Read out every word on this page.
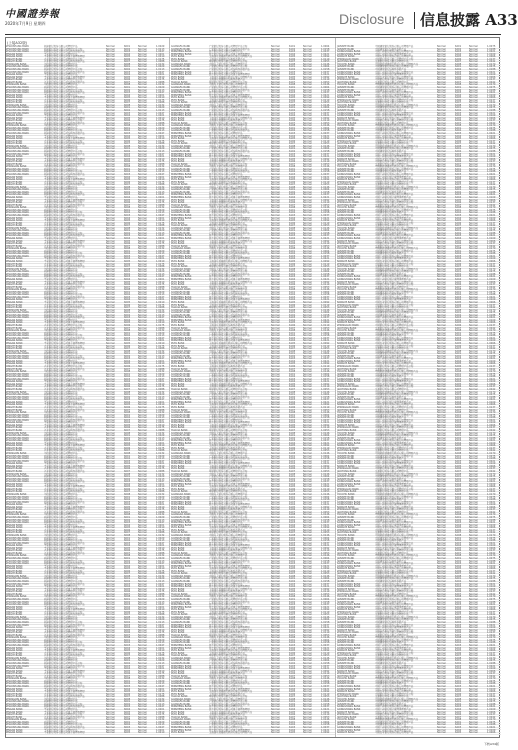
中國證券報
2020年7月9日 星期四	Disclosure 信息披露 A33
(上接A32版)
下转A34版
ZHAOSHANG BANK	招商银行股份有限公司理财产品	Normal	6001	Normal	1.0029
ZHAOSHANG BANK	招商银行股份有限公司理财产品计划	Normal	6002	Normal	1.0113
ZHAOSHANG BANK	招商银行股份有限公司结构性存款产品	Normal	6003	Normal	1.0047
PINGAN BANK	平安银行股份有限公司理财产品	Normal	6004	Normal	1.0201
PINGAN BANK	平安银行股份有限公司现金管理类理财	Normal	6005	Normal	1.0010
XINGYE BANK	兴业银行股份有限公司理财产品计划	Normal	6006	Normal	1.0175
XINGYE BANK	兴业银行股份有限公司结构性存款产品	Normal	6007	Normal	1.0088
ZHONGXIN BANK	中信银行股份有限公司理财产品	Normal	6008	Normal	1.0132
ZHAOSHANG BANK	招商银行股份有限公司理财产品	Normal	6001	Normal	1.0029
ZHAOSHANG BANK	招商银行股份有限公司理财产品计划	Normal	6002	Normal	1.0113
ZHAOSHANG BANK	招商银行股份有限公司结构性存款产品	Normal	6003	Normal	1.0047
PINGAN BANK	平安银行股份有限公司理财产品	Normal	6004	Normal	1.0201
PINGAN BANK	平安银行股份有限公司现金管理类理财	Normal	6005	Normal	1.0010
XINGYE BANK	兴业银行股份有限公司理财产品计划	Normal	6006	Normal	1.0175
XINGYE BANK	兴业银行股份有限公司结构性存款产品	Normal	6007	Normal	1.0088
ZHONGXIN BANK	中信银行股份有限公司理财产品	Normal	6008	Normal	1.0132
ZHAOSHANG BANK	招商银行股份有限公司理财产品	Normal	6001	Normal	1.0029
ZHAOSHANG BANK	招商银行股份有限公司理财产品计划	Normal	6002	Normal	1.0113
ZHAOSHANG BANK	招商银行股份有限公司结构性存款产品	Normal	6003	Normal	1.0047
PINGAN BANK	平安银行股份有限公司理财产品	Normal	6004	Normal	1.0201
PINGAN BANK	平安银行股份有限公司现金管理类理财	Normal	6005	Normal	1.0010
XINGYE BANK	兴业银行股份有限公司理财产品计划	Normal	6006	Normal	1.0175
XINGYE BANK	兴业银行股份有限公司结构性存款产品	Normal	6007	Normal	1.0088
ZHONGXIN BANK	中信银行股份有限公司理财产品	Normal	6008	Normal	1.0132
ZHAOSHANG BANK	招商银行股份有限公司理财产品	Normal	6001	Normal	1.0029
ZHAOSHANG BANK	招商银行股份有限公司理财产品计划	Normal	6002	Normal	1.0113
ZHAOSHANG BANK	招商银行股份有限公司结构性存款产品	Normal	6003	Normal	1.0047
PINGAN BANK	平安银行股份有限公司理财产品	Normal	6004	Normal	1.0201
PINGAN BANK	平安银行股份有限公司现金管理类理财	Normal	6005	Normal	1.0010
XINGYE BANK	兴业银行股份有限公司理财产品计划	Normal	6006	Normal	1.0175
XINGYE BANK	兴业银行股份有限公司结构性存款产品	Normal	6007	Normal	1.0088
ZHONGXIN BANK	中信银行股份有限公司理财产品	Normal	6008	Normal	1.0132
ZHAOSHANG BANK	招商银行股份有限公司理财产品	Normal	6001	Normal	1.0029
ZHAOSHANG BANK	招商银行股份有限公司理财产品计划	Normal	6002	Normal	1.0113
ZHAOSHANG BANK	招商银行股份有限公司结构性存款产品	Normal	6003	Normal	1.0047
PINGAN BANK	平安银行股份有限公司理财产品	Normal	6004	Normal	1.0201
PINGAN BANK	平安银行股份有限公司现金管理类理财	Normal	6005	Normal	1.0010
XINGYE BANK	兴业银行股份有限公司理财产品计划	Normal	6006	Normal	1.0175
XINGYE BANK	兴业银行股份有限公司结构性存款产品	Normal	6007	Normal	1.0088
ZHONGXIN BANK	中信银行股份有限公司理财产品	Normal	6008	Normal	1.0132
ZHAOSHANG BANK	招商银行股份有限公司理财产品	Normal	6001	Normal	1.0029
ZHAOSHANG BANK	招商银行股份有限公司理财产品计划	Normal	6002	Normal	1.0113
ZHAOSHANG BANK	招商银行股份有限公司结构性存款产品	Normal	6003	Normal	1.0047
PINGAN BANK	平安银行股份有限公司理财产品	Normal	6004	Normal	1.0201
PINGAN BANK	平安银行股份有限公司现金管理类理财	Normal	6005	Normal	1.0010
XINGYE BANK	兴业银行股份有限公司理财产品计划	Normal	6006	Normal	1.0175
XINGYE BANK	兴业银行股份有限公司结构性存款产品	Normal	6007	Normal	1.0088
ZHONGXIN BANK	中信银行股份有限公司理财产品	Normal	6008	Normal	1.0132
ZHAOSHANG BANK	招商银行股份有限公司理财产品	Normal	6001	Normal	1.0029
ZHAOSHANG BANK	招商银行股份有限公司理财产品计划	Normal	6002	Normal	1.0113
ZHAOSHANG BANK	招商银行股份有限公司结构性存款产品	Normal	6003	Normal	1.0047
PINGAN BANK	平安银行股份有限公司理财产品	Normal	6004	Normal	1.0201
PINGAN BANK	平安银行股份有限公司现金管理类理财	Normal	6005	Normal	1.0010
XINGYE BANK	兴业银行股份有限公司理财产品计划	Normal	6006	Normal	1.0175
XINGYE BANK	兴业银行股份有限公司结构性存款产品	Normal	6007	Normal	1.0088
ZHONGXIN BANK	中信银行股份有限公司理财产品	Normal	6008	Normal	1.0132
ZHAOSHANG BANK	招商银行股份有限公司理财产品	Normal	6001	Normal	1.0029
ZHAOSHANG BANK	招商银行股份有限公司理财产品计划	Normal	6002	Normal	1.0113
ZHAOSHANG BANK	招商银行股份有限公司结构性存款产品	Normal	6003	Normal	1.0047
PINGAN BANK	平安银行股份有限公司理财产品	Normal	6004	Normal	1.0201
PINGAN BANK	平安银行股份有限公司现金管理类理财	Normal	6005	Normal	1.0010
XINGYE BANK	兴业银行股份有限公司理财产品计划	Normal	6006	Normal	1.0175
XINGYE BANK	兴业银行股份有限公司结构性存款产品	Normal	6007	Normal	1.0088
ZHONGXIN BANK	中信银行股份有限公司理财产品	Normal	6008	Normal	1.0132
ZHAOSHANG BANK	招商银行股份有限公司理财产品	Normal	6001	Normal	1.0029
ZHAOSHANG BANK	招商银行股份有限公司理财产品计划	Normal	6002	Normal	1.0113
ZHAOSHANG BANK	招商银行股份有限公司结构性存款产品	Normal	6003	Normal	1.0047
PINGAN BANK	平安银行股份有限公司理财产品	Normal	6004	Normal	1.0201
PINGAN BANK	平安银行股份有限公司现金管理类理财	Normal	6005	Normal	1.0010
XINGYE BANK	兴业银行股份有限公司理财产品计划	Normal	6006	Normal	1.0175
XINGYE BANK	兴业银行股份有限公司结构性存款产品	Normal	6007	Normal	1.0088
ZHONGXIN BANK	中信银行股份有限公司理财产品	Normal	6008	Normal	1.0132
ZHAOSHANG BANK	招商银行股份有限公司理财产品	Normal	6001	Normal	1.0029
ZHAOSHANG BANK	招商银行股份有限公司理财产品计划	Normal	6002	Normal	1.0113
ZHAOSHANG BANK	招商银行股份有限公司结构性存款产品	Normal	6003	Normal	1.0047
PINGAN BANK	平安银行股份有限公司理财产品	Normal	6004	Normal	1.0201
PINGAN BANK	平安银行股份有限公司现金管理类理财	Normal	6005	Normal	1.0010
XINGYE BANK	兴业银行股份有限公司理财产品计划	Normal	6006	Normal	1.0175
XINGYE BANK	兴业银行股份有限公司结构性存款产品	Normal	6007	Normal	1.0088
ZHONGXIN BANK	中信银行股份有限公司理财产品	Normal	6008	Normal	1.0132
ZHAOSHANG BANK	招商银行股份有限公司理财产品	Normal	6001	Normal	1.0029
ZHAOSHANG BANK	招商银行股份有限公司理财产品计划	Normal	6002	Normal	1.0113
ZHAOSHANG BANK	招商银行股份有限公司结构性存款产品	Normal	6003	Normal	1.0047
PINGAN BANK	平安银行股份有限公司理财产品	Normal	6004	Normal	1.0201
PINGAN BANK	平安银行股份有限公司现金管理类理财	Normal	6005	Normal	1.0010
XINGYE BANK	兴业银行股份有限公司理财产品计划	Normal	6006	Normal	1.0175
XINGYE BANK	兴业银行股份有限公司结构性存款产品	Normal	6007	Normal	1.0088
ZHONGXIN BANK	中信银行股份有限公司理财产品	Normal	6008	Normal	1.0132
ZHAOSHANG BANK	招商银行股份有限公司理财产品	Normal	6001	Normal	1.0029
ZHAOSHANG BANK	招商银行股份有限公司理财产品计划	Normal	6002	Normal	1.0113
ZHAOSHANG BANK	招商银行股份有限公司结构性存款产品	Normal	6003	Normal	1.0047
PINGAN BANK	平安银行股份有限公司理财产品	Normal	6004	Normal	1.0201
PINGAN BANK	平安银行股份有限公司现金管理类理财	Normal	6005	Normal	1.0010
XINGYE BANK	兴业银行股份有限公司理财产品计划	Normal	6006	Normal	1.0175
XINGYE BANK	兴业银行股份有限公司结构性存款产品	Normal	6007	Normal	1.0088
ZHONGXIN BANK	中信银行股份有限公司理财产品	Normal	6008	Normal	1.0132
ZHAOSHANG BANK	招商银行股份有限公司理财产品	Normal	6001	Normal	1.0029
ZHAOSHANG BANK	招商银行股份有限公司理财产品计划	Normal	6002	Normal	1.0113
ZHAOSHANG BANK	招商银行股份有限公司结构性存款产品	Normal	6003	Normal	1.0047
PINGAN BANK	平安银行股份有限公司理财产品	Normal	6004	Normal	1.0201
PINGAN BANK	平安银行股份有限公司现金管理类理财	Normal	6005	Normal	1.0010
XINGYE BANK	兴业银行股份有限公司理财产品计划	Normal	6006	Normal	1.0175
XINGYE BANK	兴业银行股份有限公司结构性存款产品	Normal	6007	Normal	1.0088
ZHONGXIN BANK	中信银行股份有限公司理财产品	Normal	6008	Normal	1.0132
ZHAOSHANG BANK	招商银行股份有限公司理财产品	Normal	6001	Normal	1.0029
ZHAOSHANG BANK	招商银行股份有限公司理财产品计划	Normal	6002	Normal	1.0113
ZHAOSHANG BANK	招商银行股份有限公司结构性存款产品	Normal	6003	Normal	1.0047
PINGAN BANK	平安银行股份有限公司理财产品	Normal	6004	Normal	1.0201
PINGAN BANK	平安银行股份有限公司现金管理类理财	Normal	6005	Normal	1.0010
XINGYE BANK	兴业银行股份有限公司理财产品计划	Normal	6006	Normal	1.0175
XINGYE BANK	兴业银行股份有限公司结构性存款产品	Normal	6007	Normal	1.0088
ZHONGXIN BANK	中信银行股份有限公司理财产品	Normal	6008	Normal	1.0132
ZHAOSHANG BANK	招商银行股份有限公司理财产品	Normal	6001	Normal	1.0029
ZHAOSHANG BANK	招商银行股份有限公司理财产品计划	Normal	6002	Normal	1.0113
ZHAOSHANG BANK	招商银行股份有限公司结构性存款产品	Normal	6003	Normal	1.0047
PINGAN BANK	平安银行股份有限公司理财产品	Normal	6004	Normal	1.0201
PINGAN BANK	平安银行股份有限公司现金管理类理财	Normal	6005	Normal	1.0010
XINGYE BANK	兴业银行股份有限公司理财产品计划	Normal	6006	Normal	1.0175
XINGYE BANK	兴业银行股份有限公司结构性存款产品	Normal	6007	Normal	1.0088
ZHONGXIN BANK	中信银行股份有限公司理财产品	Normal	6008	Normal	1.0132
ZHAOSHANG BANK	招商银行股份有限公司理财产品	Normal	6001	Normal	1.0029
ZHAOSHANG BANK	招商银行股份有限公司理财产品计划	Normal	6002	Normal	1.0113
ZHAOSHANG BANK	招商银行股份有限公司结构性存款产品	Normal	6003	Normal	1.0047
PINGAN BANK	平安银行股份有限公司理财产品	Normal	6004	Normal	1.0201
PINGAN BANK	平安银行股份有限公司现金管理类理财	Normal	6005	Normal	1.0010
XINGYE BANK	兴业银行股份有限公司理财产品计划	Normal	6006	Normal	1.0175
XINGYE BANK	兴业银行股份有限公司结构性存款产品	Normal	6007	Normal	1.0088
ZHONGXIN BANK	中信银行股份有限公司理财产品	Normal	6008	Normal	1.0132
ZHAOSHANG BANK	招商银行股份有限公司理财产品	Normal	6001	Normal	1.0029
ZHAOSHANG BANK	招商银行股份有限公司理财产品计划	Normal	6002	Normal	1.0113
ZHAOSHANG BANK	招商银行股份有限公司结构性存款产品	Normal	6003	Normal	1.0047
PINGAN BANK	平安银行股份有限公司理财产品	Normal	6004	Normal	1.0201
PINGAN BANK	平安银行股份有限公司现金管理类理财	Normal	6005	Normal	1.0010
XINGYE BANK	兴业银行股份有限公司理财产品计划	Normal	6006	Normal	1.0175
XINGYE BANK	兴业银行股份有限公司结构性存款产品	Normal	6007	Normal	1.0088
ZHONGXIN BANK	中信银行股份有限公司理财产品	Normal	6008	Normal	1.0132
ZHAOSHANG BANK	招商银行股份有限公司理财产品	Normal	6001	Normal	1.0029
ZHAOSHANG BANK	招商银行股份有限公司理财产品计划	Normal	6002	Normal	1.0113
ZHAOSHANG BANK	招商银行股份有限公司结构性存款产品	Normal	6003	Normal	1.0047
PINGAN BANK	平安银行股份有限公司理财产品	Normal	6004	Normal	1.0201
PINGAN BANK	平安银行股份有限公司现金管理类理财	Normal	6005	Normal	1.0010
XINGYE BANK	兴业银行股份有限公司理财产品计划	Normal	6006	Normal	1.0175
XINGYE BANK	兴业银行股份有限公司结构性存款产品	Normal	6007	Normal	1.0088
ZHONGXIN BANK	中信银行股份有限公司理财产品	Normal	6008	Normal	1.0132
ZHAOSHANG BANK	招商银行股份有限公司理财产品	Normal	6001	Normal	1.0029
ZHAOSHANG BANK	招商银行股份有限公司理财产品计划	Normal	6002	Normal	1.0113
ZHAOSHANG BANK	招商银行股份有限公司结构性存款产品	Normal	6003	Normal	1.0047
PINGAN BANK	平安银行股份有限公司理财产品	Normal	6004	Normal	1.0201
PINGAN BANK	平安银行股份有限公司现金管理类理财	Normal	6005	Normal	1.0010
XINGYE BANK	兴业银行股份有限公司理财产品计划	Normal	6006	Normal	1.0175
XINGYE BANK	兴业银行股份有限公司结构性存款产品	Normal	6007	Normal	1.0088
ZHONGXIN BANK	中信银行股份有限公司理财产品	Normal	6008	Normal	1.0132
ZHAOSHANG BANK	招商银行股份有限公司理财产品	Normal	6001	Normal	1.0029
ZHAOSHANG BANK	招商银行股份有限公司理财产品计划	Normal	6002	Normal	1.0113
ZHAOSHANG BANK	招商银行股份有限公司结构性存款产品	Normal	6003	Normal	1.0047
PINGAN BANK	平安银行股份有限公司理财产品	Normal	6004	Normal	1.0201
PINGAN BANK	平安银行股份有限公司现金管理类理财	Normal	6005	Normal	1.0010
XINGYE BANK	兴业银行股份有限公司理财产品计划	Normal	6006	Normal	1.0175
XINGYE BANK	兴业银行股份有限公司结构性存款产品	Normal	6007	Normal	1.0088
ZHONGXIN BANK	中信银行股份有限公司理财产品	Normal	6008	Normal	1.0132
ZHAOSHANG BANK	招商银行股份有限公司理财产品	Normal	6001	Normal	1.0029
ZHAOSHANG BANK	招商银行股份有限公司理财产品计划	Normal	6002	Normal	1.0113
ZHAOSHANG BANK	招商银行股份有限公司结构性存款产品	Normal	6003	Normal	1.0047
PINGAN BANK	平安银行股份有限公司理财产品	Normal	6004	Normal	1.0201
PINGAN BANK	平安银行股份有限公司现金管理类理财	Normal	6005	Normal	1.0010
XINGYE BANK	兴业银行股份有限公司理财产品计划	Normal	6006	Normal	1.0175
XINGYE BANK	兴业银行股份有限公司结构性存款产品	Normal	6007	Normal	1.0088
ZHONGXIN BANK	中信银行股份有限公司理财产品	Normal	6008	Normal	1.0132
ZHAOSHANG BANK	招商银行股份有限公司理财产品	Normal	6001	Normal	1.0029
ZHAOSHANG BANK	招商银行股份有限公司理财产品计划	Normal	6002	Normal	1.0113
ZHAOSHANG BANK	招商银行股份有限公司结构性存款产品	Normal	6003	Normal	1.0047
PINGAN BANK	平安银行股份有限公司理财产品	Normal	6004	Normal	1.0201
PINGAN BANK	平安银行股份有限公司现金管理类理财	Normal	6005	Normal	1.0010
XINGYE BANK	兴业银行股份有限公司理财产品计划	Normal	6006	Normal	1.0175
XINGYE BANK	兴业银行股份有限公司结构性存款产品	Normal	6007	Normal	1.0088
ZHONGXIN BANK	中信银行股份有限公司理财产品	Normal	6008	Normal	1.0132
ZHAOSHANG BANK	招商银行股份有限公司理财产品	Normal	6001	Normal	1.0029
ZHAOSHANG BANK	招商银行股份有限公司理财产品计划	Normal	6002	Normal	1.0113
ZHAOSHANG BANK	招商银行股份有限公司结构性存款产品	Normal	6003	Normal	1.0047
PINGAN BANK	平安银行股份有限公司理财产品	Normal	6004	Normal	1.0201
PINGAN BANK	平安银行股份有限公司现金管理类理财	Normal	6005	Normal	1.0010
XINGYE BANK	兴业银行股份有限公司理财产品计划	Normal	6006	Normal	1.0175
XINGYE BANK	兴业银行股份有限公司结构性存款产品	Normal	6007	Normal	1.0088
ZHONGXIN BANK	中信银行股份有限公司理财产品	Normal	6008	Normal	1.0132
ZHAOSHANG BANK	招商银行股份有限公司理财产品	Normal	6001	Normal	1.0029
ZHAOSHANG BANK	招商银行股份有限公司理财产品计划	Normal	6002	Normal	1.0113
ZHAOSHANG BANK	招商银行股份有限公司结构性存款产品	Normal	6003	Normal	1.0047
PINGAN BANK	平安银行股份有限公司理财产品	Normal	6004	Normal	1.0201
PINGAN BANK	平安银行股份有限公司现金管理类理财	Normal	6005	Normal	1.0010
XINGYE BANK	兴业银行股份有限公司理财产品计划	Normal	6006	Normal	1.0175
XINGYE BANK	兴业银行股份有限公司结构性存款产品	Normal	6007	Normal	1.0088
ZHONGXIN BANK	中信银行股份有限公司理财产品	Normal	6008	Normal	1.0132
ZHAOSHANG BANK	招商银行股份有限公司理财产品	Normal	6001	Normal	1.0029
ZHAOSHANG BANK	招商银行股份有限公司理财产品计划	Normal	6002	Normal	1.0113
ZHAOSHANG BANK	招商银行股份有限公司结构性存款产品	Normal	6003	Normal	1.0047
PINGAN BANK	平安银行股份有限公司理财产品	Normal	6004	Normal	1.0201
PINGAN BANK	平安银行股份有限公司现金管理类理财	Normal	6005	Normal	1.0010
XINGYE BANK	兴业银行股份有限公司理财产品计划	Normal	6006	Normal	1.0175
XINGYE BANK	兴业银行股份有限公司结构性存款产品	Normal	6007	Normal	1.0088
ZHONGXIN BANK	中信银行股份有限公司理财产品	Normal	6008	Normal	1.0132
ZHAOSHANG BANK	招商银行股份有限公司理财产品	Normal	6001	Normal	1.0029
ZHAOSHANG BANK	招商银行股份有限公司理财产品计划	Normal	6002	Normal	1.0113
ZHAOSHANG BANK	招商银行股份有限公司结构性存款产品	Normal	6003	Normal	1.0047
PINGAN BANK	平安银行股份有限公司理财产品	Normal	6004	Normal	1.0201
PINGAN BANK	平安银行股份有限公司现金管理类理财	Normal	6005	Normal	1.0010
XINGYE BANK	兴业银行股份有限公司理财产品计划	Normal	6006	Normal	1.0175
XINGYE BANK	兴业银行股份有限公司结构性存款产品	Normal	6007	Normal	1.0088
ZHONGXIN BANK	中信银行股份有限公司理财产品	Normal	6008	Normal	1.0132
ZHAOSHANG BANK	招商银行股份有限公司理财产品	Normal	6001	Normal	1.0029
ZHAOSHANG BANK	招商银行股份有限公司理财产品计划	Normal	6002	Normal	1.0113
ZHAOSHANG BANK	招商银行股份有限公司结构性存款产品	Normal	6003	Normal	1.0047
PINGAN BANK	平安银行股份有限公司理财产品	Normal	6004	Normal	1.0201
PINGAN BANK	平安银行股份有限公司现金管理类理财	Normal	6005	Normal	1.0010
XINGYE BANK	兴业银行股份有限公司理财产品计划	Normal	6006	Normal	1.0175
XINGYE BANK	兴业银行股份有限公司结构性存款产品	Normal	6007	Normal	1.0088
ZHONGXIN BANK	中信银行股份有限公司理财产品	Normal	6008	Normal	1.0132
ZHAOSHANG BANK	招商银行股份有限公司理财产品	Normal	6001	Normal	1.0029
ZHAOSHANG BANK	招商银行股份有限公司理财产品计划	Normal	6002	Normal	1.0113
ZHAOSHANG BANK	招商银行股份有限公司结构性存款产品	Normal	6003	Normal	1.0047
PINGAN BANK	平安银行股份有限公司理财产品	Normal	6004	Normal	1.0201
PINGAN BANK	平安银行股份有限公司现金管理类理财	Normal	6005	Normal	1.0010
XINGYE BANK	兴业银行股份有限公司理财产品计划	Normal	6006	Normal	1.0175
XINGYE BANK	兴业银行股份有限公司结构性存款产品	Normal	6007	Normal	1.0088
ZHONGXIN BANK	中信银行股份有限公司理财产品	Normal	6008	Normal	1.0132
ZHAOSHANG BANK	招商银行股份有限公司理财产品	Normal	6001	Normal	1.0029
ZHAOSHANG BANK	招商银行股份有限公司理财产品计划	Normal	6002	Normal	1.0113
ZHAOSHANG BANK	招商银行股份有限公司结构性存款产品	Normal	6003	Normal	1.0047
PINGAN BANK	平安银行股份有限公司理财产品	Normal	6004	Normal	1.0201
PINGAN BANK	平安银行股份有限公司现金管理类理财	Normal	6005	Normal	1.0010
XINGYE BANK	兴业银行股份有限公司理财产品计划	Normal	6006	Normal	1.0175
XINGYE BANK	兴业银行股份有限公司结构性存款产品	Normal	6007	Normal	1.0088
ZHONGXIN BANK	中信银行股份有限公司理财产品	Normal	6008	Normal	1.0132
ZHAOSHANG BANK	招商银行股份有限公司理财产品	Normal	6001	Normal	1.0029
ZHAOSHANG BANK	招商银行股份有限公司理财产品计划	Normal	6002	Normal	1.0113
ZHAOSHANG BANK	招商银行股份有限公司结构性存款产品	Normal	6003	Normal	1.0047
PINGAN BANK	平安银行股份有限公司理财产品	Normal	6004	Normal	1.0201
PINGAN BANK	平安银行股份有限公司现金管理类理财	Normal	6005	Normal	1.0010
XINGYE BANK	兴业银行股份有限公司理财产品计划	Normal	6006	Normal	1.0175
XINGYE BANK	兴业银行股份有限公司结构性存款产品	Normal	6007	Normal	1.0088
ZHONGXIN BANK	中信银行股份有限公司理财产品	Normal	6008	Normal	1.0132
ZHAOSHANG BANK	招商银行股份有限公司理财产品	Normal	6001	Normal	1.0029
ZHAOSHANG BANK	招商银行股份有限公司理财产品计划	Normal	6002	Normal	1.0113
ZHAOSHANG BANK	招商银行股份有限公司结构性存款产品	Normal	6003	Normal	1.0047
PINGAN BANK	平安银行股份有限公司理财产品	Normal	6004	Normal	1.0201
PINGAN BANK	平安银行股份有限公司现金管理类理财	Normal	6005	Normal	1.0010
XINGYE BANK	兴业银行股份有限公司理财产品计划	Normal	6006	Normal	1.0175
XINGYE BANK	兴业银行股份有限公司结构性存款产品	Normal	6007	Normal	1.0088
ZHONGXIN BANK	中信银行股份有限公司理财产品	Normal	6008	Normal	1.0132
ZHAOSHANG BANK	招商银行股份有限公司理财产品	Normal	6001	Normal	1.0029
ZHAOSHANG BANK	招商银行股份有限公司理财产品计划	Normal	6002	Normal	1.0113
ZHAOSHANG BANK	招商银行股份有限公司结构性存款产品	Normal	6003	Normal	1.0047
PINGAN BANK	平安银行股份有限公司理财产品	Normal	6004	Normal	1.0201
PINGAN BANK	平安银行股份有限公司现金管理类理财	Normal	6005	Normal	1.0010
XINGYE BANK	兴业银行股份有限公司理财产品计划	Normal	6006	Normal	1.0175
XINGYE BANK	兴业银行股份有限公司结构性存款产品	Normal	6007	Normal	1.0088
ZHONGXIN BANK	中信银行股份有限公司理财产品	Normal	6008	Normal	1.0132
ZHAOSHANG BANK	招商银行股份有限公司理财产品	Normal	6001	Normal	1.0029
ZHAOSHANG BANK	招商银行股份有限公司理财产品计划	Normal	6002	Normal	1.0113
ZHAOSHANG BANK	招商银行股份有限公司结构性存款产品	Normal	6003	Normal	1.0047
PINGAN BANK	平安银行股份有限公司理财产品	Normal	6004	Normal	1.0201
PINGAN BANK	平安银行股份有限公司现金管理类理财	Normal	6005	Normal	1.0010
XINGYE BANK	兴业银行股份有限公司理财产品计划	Normal	6006	Normal	1.0175
XINGYE BANK	兴业银行股份有限公司结构性存款产品	Normal	6007	Normal	1.0088
ZHONGXIN BANK	中信银行股份有限公司理财产品	Normal	6008	Normal	1.0132
ZHAOSHANG BANK	招商银行股份有限公司理财产品	Normal	6001	Normal	1.0029
ZHAOSHANG BANK	招商银行股份有限公司理财产品计划	Normal	6002	Normal	1.0113
ZHAOSHANG BANK	招商银行股份有限公司结构性存款产品	Normal	6003	Normal	1.0047
PINGAN BANK	平安银行股份有限公司理财产品	Normal	6004	Normal	1.0201
PINGAN BANK	平安银行股份有限公司现金管理类理财	Normal	6005	Normal	1.0010
GUANGFA BANK	广发银行股份有限公司理财产品计划	Normal	6101	Normal	1.0064
GUANGFA BANK	广发银行股份有限公司结构性存款产品	Normal	6102	Normal	1.0158
MINSHENG BANK	民生银行股份有限公司理财产品	Normal	6103	Normal	1.0037
MINSHENG BANK	民生银行股份有限公司现金管理类理财	Normal	6104	Normal	1.0221
PUFA BANK	上海浦东发展银行股份有限公司理财产品	Normal	6105	Normal	1.0092
PUFA BANK	上海浦东发展银行结构性存款产品	Normal	6106	Normal	1.0119
HUAXIA BANK	华夏银行股份有限公司理财产品计划	Normal	6107	Normal	1.0053
GUANGDA BANK	中国光大银行股份有限公司理财产品	Normal	6108	Normal	1.0146
GUANGFA BANK	广发银行股份有限公司理财产品计划	Normal	6101	Normal	1.0064
GUANGFA BANK	广发银行股份有限公司结构性存款产品	Normal	6102	Normal	1.0158
MINSHENG BANK	民生银行股份有限公司理财产品	Normal	6103	Normal	1.0037
MINSHENG BANK	民生银行股份有限公司现金管理类理财	Normal	6104	Normal	1.0221
PUFA BANK	上海浦东发展银行股份有限公司理财产品	Normal	6105	Normal	1.0092
PUFA BANK	上海浦东发展银行结构性存款产品	Normal	6106	Normal	1.0119
HUAXIA BANK	华夏银行股份有限公司理财产品计划	Normal	6107	Normal	1.0053
GUANGDA BANK	中国光大银行股份有限公司理财产品	Normal	6108	Normal	1.0146
GUANGFA BANK	广发银行股份有限公司理财产品计划	Normal	6101	Normal	1.0064
GUANGFA BANK	广发银行股份有限公司结构性存款产品	Normal	6102	Normal	1.0158
MINSHENG BANK	民生银行股份有限公司理财产品	Normal	6103	Normal	1.0037
MINSHENG BANK	民生银行股份有限公司现金管理类理财	Normal	6104	Normal	1.0221
PUFA BANK	上海浦东发展银行股份有限公司理财产品	Normal	6105	Normal	1.0092
PUFA BANK	上海浦东发展银行结构性存款产品	Normal	6106	Normal	1.0119
HUAXIA BANK	华夏银行股份有限公司理财产品计划	Normal	6107	Normal	1.0053
GUANGDA BANK	中国光大银行股份有限公司理财产品	Normal	6108	Normal	1.0146
GUANGFA BANK	广发银行股份有限公司理财产品计划	Normal	6101	Normal	1.0064
GUANGFA BANK	广发银行股份有限公司结构性存款产品	Normal	6102	Normal	1.0158
MINSHENG BANK	民生银行股份有限公司理财产品	Normal	6103	Normal	1.0037
MINSHENG BANK	民生银行股份有限公司现金管理类理财	Normal	6104	Normal	1.0221
PUFA BANK	上海浦东发展银行股份有限公司理财产品	Normal	6105	Normal	1.0092
PUFA BANK	上海浦东发展银行结构性存款产品	Normal	6106	Normal	1.0119
HUAXIA BANK	华夏银行股份有限公司理财产品计划	Normal	6107	Normal	1.0053
GUANGDA BANK	中国光大银行股份有限公司理财产品	Normal	6108	Normal	1.0146
GUANGFA BANK	广发银行股份有限公司理财产品计划	Normal	6101	Normal	1.0064
GUANGFA BANK	广发银行股份有限公司结构性存款产品	Normal	6102	Normal	1.0158
MINSHENG BANK	民生银行股份有限公司理财产品	Normal	6103	Normal	1.0037
MINSHENG BANK	民生银行股份有限公司现金管理类理财	Normal	6104	Normal	1.0221
PUFA BANK	上海浦东发展银行股份有限公司理财产品	Normal	6105	Normal	1.0092
PUFA BANK	上海浦东发展银行结构性存款产品	Normal	6106	Normal	1.0119
HUAXIA BANK	华夏银行股份有限公司理财产品计划	Normal	6107	Normal	1.0053
GUANGDA BANK	中国光大银行股份有限公司理财产品	Normal	6108	Normal	1.0146
GUANGFA BANK	广发银行股份有限公司理财产品计划	Normal	6101	Normal	1.0064
GUANGFA BANK	广发银行股份有限公司结构性存款产品	Normal	6102	Normal	1.0158
MINSHENG BANK	民生银行股份有限公司理财产品	Normal	6103	Normal	1.0037
MINSHENG BANK	民生银行股份有限公司现金管理类理财	Normal	6104	Normal	1.0221
PUFA BANK	上海浦东发展银行股份有限公司理财产品	Normal	6105	Normal	1.0092
PUFA BANK	上海浦东发展银行结构性存款产品	Normal	6106	Normal	1.0119
HUAXIA BANK	华夏银行股份有限公司理财产品计划	Normal	6107	Normal	1.0053
GUANGDA BANK	中国光大银行股份有限公司理财产品	Normal	6108	Normal	1.0146
GUANGFA BANK	广发银行股份有限公司理财产品计划	Normal	6101	Normal	1.0064
GUANGFA BANK	广发银行股份有限公司结构性存款产品	Normal	6102	Normal	1.0158
MINSHENG BANK	民生银行股份有限公司理财产品	Normal	6103	Normal	1.0037
MINSHENG BANK	民生银行股份有限公司现金管理类理财	Normal	6104	Normal	1.0221
PUFA BANK	上海浦东发展银行股份有限公司理财产品	Normal	6105	Normal	1.0092
PUFA BANK	上海浦东发展银行结构性存款产品	Normal	6106	Normal	1.0119
HUAXIA BANK	华夏银行股份有限公司理财产品计划	Normal	6107	Normal	1.0053
GUANGDA BANK	中国光大银行股份有限公司理财产品	Normal	6108	Normal	1.0146
GUANGFA BANK	广发银行股份有限公司理财产品计划	Normal	6101	Normal	1.0064
GUANGFA BANK	广发银行股份有限公司结构性存款产品	Normal	6102	Normal	1.0158
MINSHENG BANK	民生银行股份有限公司理财产品	Normal	6103	Normal	1.0037
MINSHENG BANK	民生银行股份有限公司现金管理类理财	Normal	6104	Normal	1.0221
PUFA BANK	上海浦东发展银行股份有限公司理财产品	Normal	6105	Normal	1.0092
PUFA BANK	上海浦东发展银行结构性存款产品	Normal	6106	Normal	1.0119
HUAXIA BANK	华夏银行股份有限公司理财产品计划	Normal	6107	Normal	1.0053
GUANGDA BANK	中国光大银行股份有限公司理财产品	Normal	6108	Normal	1.0146
GUANGFA BANK	广发银行股份有限公司理财产品计划	Normal	6101	Normal	1.0064
GUANGFA BANK	广发银行股份有限公司结构性存款产品	Normal	6102	Normal	1.0158
MINSHENG BANK	民生银行股份有限公司理财产品	Normal	6103	Normal	1.0037
MINSHENG BANK	民生银行股份有限公司现金管理类理财	Normal	6104	Normal	1.0221
PUFA BANK	上海浦东发展银行股份有限公司理财产品	Normal	6105	Normal	1.0092
PUFA BANK	上海浦东发展银行结构性存款产品	Normal	6106	Normal	1.0119
HUAXIA BANK	华夏银行股份有限公司理财产品计划	Normal	6107	Normal	1.0053
GUANGDA BANK	中国光大银行股份有限公司理财产品	Normal	6108	Normal	1.0146
GUANGFA BANK	广发银行股份有限公司理财产品计划	Normal	6101	Normal	1.0064
GUANGFA BANK	广发银行股份有限公司结构性存款产品	Normal	6102	Normal	1.0158
MINSHENG BANK	民生银行股份有限公司理财产品	Normal	6103	Normal	1.0037
MINSHENG BANK	民生银行股份有限公司现金管理类理财	Normal	6104	Normal	1.0221
PUFA BANK	上海浦东发展银行股份有限公司理财产品	Normal	6105	Normal	1.0092
PUFA BANK	上海浦东发展银行结构性存款产品	Normal	6106	Normal	1.0119
HUAXIA BANK	华夏银行股份有限公司理财产品计划	Normal	6107	Normal	1.0053
GUANGDA BANK	中国光大银行股份有限公司理财产品	Normal	6108	Normal	1.0146
GUANGFA BANK	广发银行股份有限公司理财产品计划	Normal	6101	Normal	1.0064
GUANGFA BANK	广发银行股份有限公司结构性存款产品	Normal	6102	Normal	1.0158
MINSHENG BANK	民生银行股份有限公司理财产品	Normal	6103	Normal	1.0037
MINSHENG BANK	民生银行股份有限公司现金管理类理财	Normal	6104	Normal	1.0221
PUFA BANK	上海浦东发展银行股份有限公司理财产品	Normal	6105	Normal	1.0092
PUFA BANK	上海浦东发展银行结构性存款产品	Normal	6106	Normal	1.0119
HUAXIA BANK	华夏银行股份有限公司理财产品计划	Normal	6107	Normal	1.0053
GUANGDA BANK	中国光大银行股份有限公司理财产品	Normal	6108	Normal	1.0146
GUANGFA BANK	广发银行股份有限公司理财产品计划	Normal	6101	Normal	1.0064
GUANGFA BANK	广发银行股份有限公司结构性存款产品	Normal	6102	Normal	1.0158
MINSHENG BANK	民生银行股份有限公司理财产品	Normal	6103	Normal	1.0037
MINSHENG BANK	民生银行股份有限公司现金管理类理财	Normal	6104	Normal	1.0221
PUFA BANK	上海浦东发展银行股份有限公司理财产品	Normal	6105	Normal	1.0092
PUFA BANK	上海浦东发展银行结构性存款产品	Normal	6106	Normal	1.0119
HUAXIA BANK	华夏银行股份有限公司理财产品计划	Normal	6107	Normal	1.0053
GUANGDA BANK	中国光大银行股份有限公司理财产品	Normal	6108	Normal	1.0146
GUANGFA BANK	广发银行股份有限公司理财产品计划	Normal	6101	Normal	1.0064
GUANGFA BANK	广发银行股份有限公司结构性存款产品	Normal	6102	Normal	1.0158
MINSHENG BANK	民生银行股份有限公司理财产品	Normal	6103	Normal	1.0037
MINSHENG BANK	民生银行股份有限公司现金管理类理财	Normal	6104	Normal	1.0221
PUFA BANK	上海浦东发展银行股份有限公司理财产品	Normal	6105	Normal	1.0092
PUFA BANK	上海浦东发展银行结构性存款产品	Normal	6106	Normal	1.0119
HUAXIA BANK	华夏银行股份有限公司理财产品计划	Normal	6107	Normal	1.0053
GUANGDA BANK	中国光大银行股份有限公司理财产品	Normal	6108	Normal	1.0146
GUANGFA BANK	广发银行股份有限公司理财产品计划	Normal	6101	Normal	1.0064
GUANGFA BANK	广发银行股份有限公司结构性存款产品	Normal	6102	Normal	1.0158
MINSHENG BANK	民生银行股份有限公司理财产品	Normal	6103	Normal	1.0037
MINSHENG BANK	民生银行股份有限公司现金管理类理财	Normal	6104	Normal	1.0221
PUFA BANK	上海浦东发展银行股份有限公司理财产品	Normal	6105	Normal	1.0092
PUFA BANK	上海浦东发展银行结构性存款产品	Normal	6106	Normal	1.0119
HUAXIA BANK	华夏银行股份有限公司理财产品计划	Normal	6107	Normal	1.0053
GUANGDA BANK	中国光大银行股份有限公司理财产品	Normal	6108	Normal	1.0146
GUANGFA BANK	广发银行股份有限公司理财产品计划	Normal	6101	Normal	1.0064
GUANGFA BANK	广发银行股份有限公司结构性存款产品	Normal	6102	Normal	1.0158
MINSHENG BANK	民生银行股份有限公司理财产品	Normal	6103	Normal	1.0037
MINSHENG BANK	民生银行股份有限公司现金管理类理财	Normal	6104	Normal	1.0221
PUFA BANK	上海浦东发展银行股份有限公司理财产品	Normal	6105	Normal	1.0092
PUFA BANK	上海浦东发展银行结构性存款产品	Normal	6106	Normal	1.0119
HUAXIA BANK	华夏银行股份有限公司理财产品计划	Normal	6107	Normal	1.0053
GUANGDA BANK	中国光大银行股份有限公司理财产品	Normal	6108	Normal	1.0146
GUANGFA BANK	广发银行股份有限公司理财产品计划	Normal	6101	Normal	1.0064
GUANGFA BANK	广发银行股份有限公司结构性存款产品	Normal	6102	Normal	1.0158
MINSHENG BANK	民生银行股份有限公司理财产品	Normal	6103	Normal	1.0037
MINSHENG BANK	民生银行股份有限公司现金管理类理财	Normal	6104	Normal	1.0221
PUFA BANK	上海浦东发展银行股份有限公司理财产品	Normal	6105	Normal	1.0092
PUFA BANK	上海浦东发展银行结构性存款产品	Normal	6106	Normal	1.0119
HUAXIA BANK	华夏银行股份有限公司理财产品计划	Normal	6107	Normal	1.0053
GUANGDA BANK	中国光大银行股份有限公司理财产品	Normal	6108	Normal	1.0146
GUANGFA BANK	广发银行股份有限公司理财产品计划	Normal	6101	Normal	1.0064
GUANGFA BANK	广发银行股份有限公司结构性存款产品	Normal	6102	Normal	1.0158
MINSHENG BANK	民生银行股份有限公司理财产品	Normal	6103	Normal	1.0037
MINSHENG BANK	民生银行股份有限公司现金管理类理财	Normal	6104	Normal	1.0221
PUFA BANK	上海浦东发展银行股份有限公司理财产品	Normal	6105	Normal	1.0092
PUFA BANK	上海浦东发展银行结构性存款产品	Normal	6106	Normal	1.0119
HUAXIA BANK	华夏银行股份有限公司理财产品计划	Normal	6107	Normal	1.0053
GUANGDA BANK	中国光大银行股份有限公司理财产品	Normal	6108	Normal	1.0146
GUANGFA BANK	广发银行股份有限公司理财产品计划	Normal	6101	Normal	1.0064
GUANGFA BANK	广发银行股份有限公司结构性存款产品	Normal	6102	Normal	1.0158
MINSHENG BANK	民生银行股份有限公司理财产品	Normal	6103	Normal	1.0037
MINSHENG BANK	民生银行股份有限公司现金管理类理财	Normal	6104	Normal	1.0221
PUFA BANK	上海浦东发展银行股份有限公司理财产品	Normal	6105	Normal	1.0092
PUFA BANK	上海浦东发展银行结构性存款产品	Normal	6106	Normal	1.0119
HUAXIA BANK	华夏银行股份有限公司理财产品计划	Normal	6107	Normal	1.0053
GUANGDA BANK	中国光大银行股份有限公司理财产品	Normal	6108	Normal	1.0146
GUANGFA BANK	广发银行股份有限公司理财产品计划	Normal	6101	Normal	1.0064
GUANGFA BANK	广发银行股份有限公司结构性存款产品	Normal	6102	Normal	1.0158
MINSHENG BANK	民生银行股份有限公司理财产品	Normal	6103	Normal	1.0037
MINSHENG BANK	民生银行股份有限公司现金管理类理财	Normal	6104	Normal	1.0221
PUFA BANK	上海浦东发展银行股份有限公司理财产品	Normal	6105	Normal	1.0092
PUFA BANK	上海浦东发展银行结构性存款产品	Normal	6106	Normal	1.0119
HUAXIA BANK	华夏银行股份有限公司理财产品计划	Normal	6107	Normal	1.0053
GUANGDA BANK	中国光大银行股份有限公司理财产品	Normal	6108	Normal	1.0146
GUANGFA BANK	广发银行股份有限公司理财产品计划	Normal	6101	Normal	1.0064
GUANGFA BANK	广发银行股份有限公司结构性存款产品	Normal	6102	Normal	1.0158
MINSHENG BANK	民生银行股份有限公司理财产品	Normal	6103	Normal	1.0037
MINSHENG BANK	民生银行股份有限公司现金管理类理财	Normal	6104	Normal	1.0221
PUFA BANK	上海浦东发展银行股份有限公司理财产品	Normal	6105	Normal	1.0092
PUFA BANK	上海浦东发展银行结构性存款产品	Normal	6106	Normal	1.0119
HUAXIA BANK	华夏银行股份有限公司理财产品计划	Normal	6107	Normal	1.0053
GUANGDA BANK	中国光大银行股份有限公司理财产品	Normal	6108	Normal	1.0146
GUANGFA BANK	广发银行股份有限公司理财产品计划	Normal	6101	Normal	1.0064
GUANGFA BANK	广发银行股份有限公司结构性存款产品	Normal	6102	Normal	1.0158
MINSHENG BANK	民生银行股份有限公司理财产品	Normal	6103	Normal	1.0037
MINSHENG BANK	民生银行股份有限公司现金管理类理财	Normal	6104	Normal	1.0221
PUFA BANK	上海浦东发展银行股份有限公司理财产品	Normal	6105	Normal	1.0092
PUFA BANK	上海浦东发展银行结构性存款产品	Normal	6106	Normal	1.0119
HUAXIA BANK	华夏银行股份有限公司理财产品计划	Normal	6107	Normal	1.0053
GUANGDA BANK	中国光大银行股份有限公司理财产品	Normal	6108	Normal	1.0146
GUANGFA BANK	广发银行股份有限公司理财产品计划	Normal	6101	Normal	1.0064
GUANGFA BANK	广发银行股份有限公司结构性存款产品	Normal	6102	Normal	1.0158
MINSHENG BANK	民生银行股份有限公司理财产品	Normal	6103	Normal	1.0037
MINSHENG BANK	民生银行股份有限公司现金管理类理财	Normal	6104	Normal	1.0221
PUFA BANK	上海浦东发展银行股份有限公司理财产品	Normal	6105	Normal	1.0092
PUFA BANK	上海浦东发展银行结构性存款产品	Normal	6106	Normal	1.0119
HUAXIA BANK	华夏银行股份有限公司理财产品计划	Normal	6107	Normal	1.0053
GUANGDA BANK	中国光大银行股份有限公司理财产品	Normal	6108	Normal	1.0146
GUANGFA BANK	广发银行股份有限公司理财产品计划	Normal	6101	Normal	1.0064
GUANGFA BANK	广发银行股份有限公司结构性存款产品	Normal	6102	Normal	1.0158
MINSHENG BANK	民生银行股份有限公司理财产品	Normal	6103	Normal	1.0037
MINSHENG BANK	民生银行股份有限公司现金管理类理财	Normal	6104	Normal	1.0221
PUFA BANK	上海浦东发展银行股份有限公司理财产品	Normal	6105	Normal	1.0092
PUFA BANK	上海浦东发展银行结构性存款产品	Normal	6106	Normal	1.0119
HUAXIA BANK	华夏银行股份有限公司理财产品计划	Normal	6107	Normal	1.0053
GUANGDA BANK	中国光大银行股份有限公司理财产品	Normal	6108	Normal	1.0146
GUANGFA BANK	广发银行股份有限公司理财产品计划	Normal	6101	Normal	1.0064
GUANGFA BANK	广发银行股份有限公司结构性存款产品	Normal	6102	Normal	1.0158
MINSHENG BANK	民生银行股份有限公司理财产品	Normal	6103	Normal	1.0037
MINSHENG BANK	民生银行股份有限公司现金管理类理财	Normal	6104	Normal	1.0221
PUFA BANK	上海浦东发展银行股份有限公司理财产品	Normal	6105	Normal	1.0092
PUFA BANK	上海浦东发展银行结构性存款产品	Normal	6106	Normal	1.0119
HUAXIA BANK	华夏银行股份有限公司理财产品计划	Normal	6107	Normal	1.0053
GUANGDA BANK	中国光大银行股份有限公司理财产品	Normal	6108	Normal	1.0146
GUANGFA BANK	广发银行股份有限公司理财产品计划	Normal	6101	Normal	1.0064
GUANGFA BANK	广发银行股份有限公司结构性存款产品	Normal	6102	Normal	1.0158
MINSHENG BANK	民生银行股份有限公司理财产品	Normal	6103	Normal	1.0037
MINSHENG BANK	民生银行股份有限公司现金管理类理财	Normal	6104	Normal	1.0221
PUFA BANK	上海浦东发展银行股份有限公司理财产品	Normal	6105	Normal	1.0092
PUFA BANK	上海浦东发展银行结构性存款产品	Normal	6106	Normal	1.0119
HUAXIA BANK	华夏银行股份有限公司理财产品计划	Normal	6107	Normal	1.0053
GUANGDA BANK	中国光大银行股份有限公司理财产品	Normal	6108	Normal	1.0146
GUANGFA BANK	广发银行股份有限公司理财产品计划	Normal	6101	Normal	1.0064
GUANGFA BANK	广发银行股份有限公司结构性存款产品	Normal	6102	Normal	1.0158
MINSHENG BANK	民生银行股份有限公司理财产品	Normal	6103	Normal	1.0037
MINSHENG BANK	民生银行股份有限公司现金管理类理财	Normal	6104	Normal	1.0221
PUFA BANK	上海浦东发展银行股份有限公司理财产品	Normal	6105	Normal	1.0092
PUFA BANK	上海浦东发展银行结构性存款产品	Normal	6106	Normal	1.0119
HUAXIA BANK	华夏银行股份有限公司理财产品计划	Normal	6107	Normal	1.0053
GUANGDA BANK	中国光大银行股份有限公司理财产品	Normal	6108	Normal	1.0146
GUANGFA BANK	广发银行股份有限公司理财产品计划	Normal	6101	Normal	1.0064
GUANGFA BANK	广发银行股份有限公司结构性存款产品	Normal	6102	Normal	1.0158
MINSHENG BANK	民生银行股份有限公司理财产品	Normal	6103	Normal	1.0037
MINSHENG BANK	民生银行股份有限公司现金管理类理财	Normal	6104	Normal	1.0221
PUFA BANK	上海浦东发展银行股份有限公司理财产品	Normal	6105	Normal	1.0092
PUFA BANK	上海浦东发展银行结构性存款产品	Normal	6106	Normal	1.0119
HUAXIA BANK	华夏银行股份有限公司理财产品计划	Normal	6107	Normal	1.0053
GUANGDA BANK	中国光大银行股份有限公司理财产品	Normal	6108	Normal	1.0146
GUANGFA BANK	广发银行股份有限公司理财产品计划	Normal	6101	Normal	1.0064
GUANGFA BANK	广发银行股份有限公司结构性存款产品	Normal	6102	Normal	1.0158
MINSHENG BANK	民生银行股份有限公司理财产品	Normal	6103	Normal	1.0037
MINSHENG BANK	民生银行股份有限公司现金管理类理财	Normal	6104	Normal	1.0221
PUFA BANK	上海浦东发展银行股份有限公司理财产品	Normal	6105	Normal	1.0092
PUFA BANK	上海浦东发展银行结构性存款产品	Normal	6106	Normal	1.0119
HUAXIA BANK	华夏银行股份有限公司理财产品计划	Normal	6107	Normal	1.0053
GUANGDA BANK	中国光大银行股份有限公司理财产品	Normal	6108	Normal	1.0146
GUANGFA BANK	广发银行股份有限公司理财产品计划	Normal	6101	Normal	1.0064
GUANGFA BANK	广发银行股份有限公司结构性存款产品	Normal	6102	Normal	1.0158
MINSHENG BANK	民生银行股份有限公司理财产品	Normal	6103	Normal	1.0037
MINSHENG BANK	民生银行股份有限公司现金管理类理财	Normal	6104	Normal	1.0221
PUFA BANK	上海浦东发展银行股份有限公司理财产品	Normal	6105	Normal	1.0092
PUFA BANK	上海浦东发展银行结构性存款产品	Normal	6106	Normal	1.0119
HUAXIA BANK	华夏银行股份有限公司理财产品计划	Normal	6107	Normal	1.0053
GUANGDA BANK	中国光大银行股份有限公司理财产品	Normal	6108	Normal	1.0146
GUANGFA BANK	广发银行股份有限公司理财产品计划	Normal	6101	Normal	1.0064
GUANGFA BANK	广发银行股份有限公司结构性存款产品	Normal	6102	Normal	1.0158
MINSHENG BANK	民生银行股份有限公司理财产品	Normal	6103	Normal	1.0037
MINSHENG BANK	民生银行股份有限公司现金管理类理财	Normal	6104	Normal	1.0221
PUFA BANK	上海浦东发展银行股份有限公司理财产品	Normal	6105	Normal	1.0092
PUFA BANK	上海浦东发展银行结构性存款产品	Normal	6106	Normal	1.0119
HUAXIA BANK	华夏银行股份有限公司理财产品计划	Normal	6107	Normal	1.0053
GUANGDA BANK	中国光大银行股份有限公司理财产品	Normal	6108	Normal	1.0146
GUANGFA BANK	广发银行股份有限公司理财产品计划	Normal	6101	Normal	1.0064
GUANGFA BANK	广发银行股份有限公司结构性存款产品	Normal	6102	Normal	1.0158
MINSHENG BANK	民生银行股份有限公司理财产品	Normal	6103	Normal	1.0037
MINSHENG BANK	民生银行股份有限公司现金管理类理财	Normal	6104	Normal	1.0221
PUFA BANK	上海浦东发展银行股份有限公司理财产品	Normal	6105	Normal	1.0092
PUFA BANK	上海浦东发展银行结构性存款产品	Normal	6106	Normal	1.0119
HUAXIA BANK	华夏银行股份有限公司理财产品计划	Normal	6107	Normal	1.0053
GUANGDA BANK	中国光大银行股份有限公司理财产品	Normal	6108	Normal	1.0146
GUANGFA BANK	广发银行股份有限公司理财产品计划	Normal	6101	Normal	1.0064
GUANGFA BANK	广发银行股份有限公司结构性存款产品	Normal	6102	Normal	1.0158
MINSHENG BANK	民生银行股份有限公司理财产品	Normal	6103	Normal	1.0037
MINSHENG BANK	民生银行股份有限公司现金管理类理财	Normal	6104	Normal	1.0221
PUFA BANK	上海浦东发展银行股份有限公司理财产品	Normal	6105	Normal	1.0092
PUFA BANK	上海浦东发展银行结构性存款产品	Normal	6106	Normal	1.0119
HUAXIA BANK	华夏银行股份有限公司理财产品计划	Normal	6107	Normal	1.0053
GUANGDA BANK	中国光大银行股份有限公司理财产品	Normal	6108	Normal	1.0146
GUANGFA BANK	广发银行股份有限公司理财产品计划	Normal	6101	Normal	1.0064
GUANGFA BANK	广发银行股份有限公司结构性存款产品	Normal	6102	Normal	1.0158
MINSHENG BANK	民生银行股份有限公司理财产品	Normal	6103	Normal	1.0037
MINSHENG BANK	民生银行股份有限公司现金管理类理财	Normal	6104	Normal	1.0221
PUFA BANK	上海浦东发展银行股份有限公司理财产品	Normal	6105	Normal	1.0092
PUFA BANK	上海浦东发展银行结构性存款产品	Normal	6106	Normal	1.0119
HUAXIA BANK	华夏银行股份有限公司理财产品计划	Normal	6107	Normal	1.0053
GUANGDA BANK	中国光大银行股份有限公司理财产品	Normal	6108	Normal	1.0146
GUANGFA BANK	广发银行股份有限公司理财产品计划	Normal	6101	Normal	1.0064
GUANGFA BANK	广发银行股份有限公司结构性存款产品	Normal	6102	Normal	1.0158
MINSHENG BANK	民生银行股份有限公司理财产品	Normal	6103	Normal	1.0037
MINSHENG BANK	民生银行股份有限公司现金管理类理财	Normal	6104	Normal	1.0221
PUFA BANK	上海浦东发展银行股份有限公司理财产品	Normal	6105	Normal	1.0092
JIANSHE BANK	中国建设银行股份有限公司理财产品	Normal	6201	Normal	1.0075
JIANSHE BANK	中国建设银行结构性存款产品	Normal	6202	Normal	1.0188
GONGSHANG BANK	中国工商银行股份有限公司理财产品	Normal	6203	Normal	1.0021
GONGSHANG BANK	中国工商银行现金管理类理财产品	Normal	6204	Normal	1.0109
NONGYE BANK	中国农业银行股份有限公司理财产品	Normal	6205	Normal	1.0066
ZHONGGUO BANK	中国银行股份有限公司理财产品计划	Normal	6206	Normal	1.0137
JIAOTONG BANK	交通银行股份有限公司理财产品	Normal	6207	Normal	1.0042
YOUCHU BANK	中国邮政储蓄银行股份有限公司理财产品	Normal	6208	Normal	1.0170
JIANSHE BANK	中国建设银行股份有限公司理财产品	Normal	6201	Normal	1.0075
JIANSHE BANK	中国建设银行结构性存款产品	Normal	6202	Normal	1.0188
GONGSHANG BANK	中国工商银行股份有限公司理财产品	Normal	6203	Normal	1.0021
GONGSHANG BANK	中国工商银行现金管理类理财产品	Normal	6204	Normal	1.0109
NONGYE BANK	中国农业银行股份有限公司理财产品	Normal	6205	Normal	1.0066
ZHONGGUO BANK	中国银行股份有限公司理财产品计划	Normal	6206	Normal	1.0137
JIAOTONG BANK	交通银行股份有限公司理财产品	Normal	6207	Normal	1.0042
YOUCHU BANK	中国邮政储蓄银行股份有限公司理财产品	Normal	6208	Normal	1.0170
JIANSHE BANK	中国建设银行股份有限公司理财产品	Normal	6201	Normal	1.0075
JIANSHE BANK	中国建设银行结构性存款产品	Normal	6202	Normal	1.0188
GONGSHANG BANK	中国工商银行股份有限公司理财产品	Normal	6203	Normal	1.0021
GONGSHANG BANK	中国工商银行现金管理类理财产品	Normal	6204	Normal	1.0109
NONGYE BANK	中国农业银行股份有限公司理财产品	Normal	6205	Normal	1.0066
ZHONGGUO BANK	中国银行股份有限公司理财产品计划	Normal	6206	Normal	1.0137
JIAOTONG BANK	交通银行股份有限公司理财产品	Normal	6207	Normal	1.0042
YOUCHU BANK	中国邮政储蓄银行股份有限公司理财产品	Normal	6208	Normal	1.0170
JIANSHE BANK	中国建设银行股份有限公司理财产品	Normal	6201	Normal	1.0075
JIANSHE BANK	中国建设银行结构性存款产品	Normal	6202	Normal	1.0188
GONGSHANG BANK	中国工商银行股份有限公司理财产品	Normal	6203	Normal	1.0021
GONGSHANG BANK	中国工商银行现金管理类理财产品	Normal	6204	Normal	1.0109
NONGYE BANK	中国农业银行股份有限公司理财产品	Normal	6205	Normal	1.0066
ZHONGGUO BANK	中国银行股份有限公司理财产品计划	Normal	6206	Normal	1.0137
JIAOTONG BANK	交通银行股份有限公司理财产品	Normal	6207	Normal	1.0042
YOUCHU BANK	中国邮政储蓄银行股份有限公司理财产品	Normal	6208	Normal	1.0170
JIANSHE BANK	中国建设银行股份有限公司理财产品	Normal	6201	Normal	1.0075
JIANSHE BANK	中国建设银行结构性存款产品	Normal	6202	Normal	1.0188
GONGSHANG BANK	中国工商银行股份有限公司理财产品	Normal	6203	Normal	1.0021
GONGSHANG BANK	中国工商银行现金管理类理财产品	Normal	6204	Normal	1.0109
NONGYE BANK	中国农业银行股份有限公司理财产品	Normal	6205	Normal	1.0066
ZHONGGUO BANK	中国银行股份有限公司理财产品计划	Normal	6206	Normal	1.0137
JIAOTONG BANK	交通银行股份有限公司理财产品	Normal	6207	Normal	1.0042
YOUCHU BANK	中国邮政储蓄银行股份有限公司理财产品	Normal	6208	Normal	1.0170
JIANSHE BANK	中国建设银行股份有限公司理财产品	Normal	6201	Normal	1.0075
JIANSHE BANK	中国建设银行结构性存款产品	Normal	6202	Normal	1.0188
GONGSHANG BANK	中国工商银行股份有限公司理财产品	Normal	6203	Normal	1.0021
GONGSHANG BANK	中国工商银行现金管理类理财产品	Normal	6204	Normal	1.0109
NONGYE BANK	中国农业银行股份有限公司理财产品	Normal	6205	Normal	1.0066
ZHONGGUO BANK	中国银行股份有限公司理财产品计划	Normal	6206	Normal	1.0137
JIAOTONG BANK	交通银行股份有限公司理财产品	Normal	6207	Normal	1.0042
YOUCHU BANK	中国邮政储蓄银行股份有限公司理财产品	Normal	6208	Normal	1.0170
JIANSHE BANK	中国建设银行股份有限公司理财产品	Normal	6201	Normal	1.0075
JIANSHE BANK	中国建设银行结构性存款产品	Normal	6202	Normal	1.0188
GONGSHANG BANK	中国工商银行股份有限公司理财产品	Normal	6203	Normal	1.0021
GONGSHANG BANK	中国工商银行现金管理类理财产品	Normal	6204	Normal	1.0109
NONGYE BANK	中国农业银行股份有限公司理财产品	Normal	6205	Normal	1.0066
ZHONGGUO BANK	中国银行股份有限公司理财产品计划	Normal	6206	Normal	1.0137
JIAOTONG BANK	交通银行股份有限公司理财产品	Normal	6207	Normal	1.0042
YOUCHU BANK	中国邮政储蓄银行股份有限公司理财产品	Normal	6208	Normal	1.0170
JIANSHE BANK	中国建设银行股份有限公司理财产品	Normal	6201	Normal	1.0075
JIANSHE BANK	中国建设银行结构性存款产品	Normal	6202	Normal	1.0188
GONGSHANG BANK	中国工商银行股份有限公司理财产品	Normal	6203	Normal	1.0021
GONGSHANG BANK	中国工商银行现金管理类理财产品	Normal	6204	Normal	1.0109
NONGYE BANK	中国农业银行股份有限公司理财产品	Normal	6205	Normal	1.0066
ZHONGGUO BANK	中国银行股份有限公司理财产品计划	Normal	6206	Normal	1.0137
JIAOTONG BANK	交通银行股份有限公司理财产品	Normal	6207	Normal	1.0042
YOUCHU BANK	中国邮政储蓄银行股份有限公司理财产品	Normal	6208	Normal	1.0170
JIANSHE BANK	中国建设银行股份有限公司理财产品	Normal	6201	Normal	1.0075
JIANSHE BANK	中国建设银行结构性存款产品	Normal	6202	Normal	1.0188
GONGSHANG BANK	中国工商银行股份有限公司理财产品	Normal	6203	Normal	1.0021
GONGSHANG BANK	中国工商银行现金管理类理财产品	Normal	6204	Normal	1.0109
NONGYE BANK	中国农业银行股份有限公司理财产品	Normal	6205	Normal	1.0066
ZHONGGUO BANK	中国银行股份有限公司理财产品计划	Normal	6206	Normal	1.0137
JIAOTONG BANK	交通银行股份有限公司理财产品	Normal	6207	Normal	1.0042
YOUCHU BANK	中国邮政储蓄银行股份有限公司理财产品	Normal	6208	Normal	1.0170
JIANSHE BANK	中国建设银行股份有限公司理财产品	Normal	6201	Normal	1.0075
JIANSHE BANK	中国建设银行结构性存款产品	Normal	6202	Normal	1.0188
GONGSHANG BANK	中国工商银行股份有限公司理财产品	Normal	6203	Normal	1.0021
GONGSHANG BANK	中国工商银行现金管理类理财产品	Normal	6204	Normal	1.0109
NONGYE BANK	中国农业银行股份有限公司理财产品	Normal	6205	Normal	1.0066
ZHONGGUO BANK	中国银行股份有限公司理财产品计划	Normal	6206	Normal	1.0137
JIAOTONG BANK	交通银行股份有限公司理财产品	Normal	6207	Normal	1.0042
YOUCHU BANK	中国邮政储蓄银行股份有限公司理财产品	Normal	6208	Normal	1.0170
JIANSHE BANK	中国建设银行股份有限公司理财产品	Normal	6201	Normal	1.0075
JIANSHE BANK	中国建设银行结构性存款产品	Normal	6202	Normal	1.0188
GONGSHANG BANK	中国工商银行股份有限公司理财产品	Normal	6203	Normal	1.0021
GONGSHANG BANK	中国工商银行现金管理类理财产品	Normal	6204	Normal	1.0109
NONGYE BANK	中国农业银行股份有限公司理财产品	Normal	6205	Normal	1.0066
ZHONGGUO BANK	中国银行股份有限公司理财产品计划	Normal	6206	Normal	1.0137
JIAOTONG BANK	交通银行股份有限公司理财产品	Normal	6207	Normal	1.0042
YOUCHU BANK	中国邮政储蓄银行股份有限公司理财产品	Normal	6208	Normal	1.0170
JIANSHE BANK	中国建设银行股份有限公司理财产品	Normal	6201	Normal	1.0075
JIANSHE BANK	中国建设银行结构性存款产品	Normal	6202	Normal	1.0188
GONGSHANG BANK	中国工商银行股份有限公司理财产品	Normal	6203	Normal	1.0021
GONGSHANG BANK	中国工商银行现金管理类理财产品	Normal	6204	Normal	1.0109
NONGYE BANK	中国农业银行股份有限公司理财产品	Normal	6205	Normal	1.0066
ZHONGGUO BANK	中国银行股份有限公司理财产品计划	Normal	6206	Normal	1.0137
JIAOTONG BANK	交通银行股份有限公司理财产品	Normal	6207	Normal	1.0042
YOUCHU BANK	中国邮政储蓄银行股份有限公司理财产品	Normal	6208	Normal	1.0170
JIANSHE BANK	中国建设银行股份有限公司理财产品	Normal	6201	Normal	1.0075
JIANSHE BANK	中国建设银行结构性存款产品	Normal	6202	Normal	1.0188
GONGSHANG BANK	中国工商银行股份有限公司理财产品	Normal	6203	Normal	1.0021
GONGSHANG BANK	中国工商银行现金管理类理财产品	Normal	6204	Normal	1.0109
NONGYE BANK	中国农业银行股份有限公司理财产品	Normal	6205	Normal	1.0066
ZHONGGUO BANK	中国银行股份有限公司理财产品计划	Normal	6206	Normal	1.0137
JIAOTONG BANK	交通银行股份有限公司理财产品	Normal	6207	Normal	1.0042
YOUCHU BANK	中国邮政储蓄银行股份有限公司理财产品	Normal	6208	Normal	1.0170
JIANSHE BANK	中国建设银行股份有限公司理财产品	Normal	6201	Normal	1.0075
JIANSHE BANK	中国建设银行结构性存款产品	Normal	6202	Normal	1.0188
GONGSHANG BANK	中国工商银行股份有限公司理财产品	Normal	6203	Normal	1.0021
GONGSHANG BANK	中国工商银行现金管理类理财产品	Normal	6204	Normal	1.0109
NONGYE BANK	中国农业银行股份有限公司理财产品	Normal	6205	Normal	1.0066
ZHONGGUO BANK	中国银行股份有限公司理财产品计划	Normal	6206	Normal	1.0137
JIAOTONG BANK	交通银行股份有限公司理财产品	Normal	6207	Normal	1.0042
YOUCHU BANK	中国邮政储蓄银行股份有限公司理财产品	Normal	6208	Normal	1.0170
JIANSHE BANK	中国建设银行股份有限公司理财产品	Normal	6201	Normal	1.0075
JIANSHE BANK	中国建设银行结构性存款产品	Normal	6202	Normal	1.0188
GONGSHANG BANK	中国工商银行股份有限公司理财产品	Normal	6203	Normal	1.0021
GONGSHANG BANK	中国工商银行现金管理类理财产品	Normal	6204	Normal	1.0109
NONGYE BANK	中国农业银行股份有限公司理财产品	Normal	6205	Normal	1.0066
ZHONGGUO BANK	中国银行股份有限公司理财产品计划	Normal	6206	Normal	1.0137
JIAOTONG BANK	交通银行股份有限公司理财产品	Normal	6207	Normal	1.0042
YOUCHU BANK	中国邮政储蓄银行股份有限公司理财产品	Normal	6208	Normal	1.0170
JIANSHE BANK	中国建设银行股份有限公司理财产品	Normal	6201	Normal	1.0075
JIANSHE BANK	中国建设银行结构性存款产品	Normal	6202	Normal	1.0188
GONGSHANG BANK	中国工商银行股份有限公司理财产品	Normal	6203	Normal	1.0021
GONGSHANG BANK	中国工商银行现金管理类理财产品	Normal	6204	Normal	1.0109
NONGYE BANK	中国农业银行股份有限公司理财产品	Normal	6205	Normal	1.0066
ZHONGGUO BANK	中国银行股份有限公司理财产品计划	Normal	6206	Normal	1.0137
JIAOTONG BANK	交通银行股份有限公司理财产品	Normal	6207	Normal	1.0042
YOUCHU BANK	中国邮政储蓄银行股份有限公司理财产品	Normal	6208	Normal	1.0170
JIANSHE BANK	中国建设银行股份有限公司理财产品	Normal	6201	Normal	1.0075
JIANSHE BANK	中国建设银行结构性存款产品	Normal	6202	Normal	1.0188
GONGSHANG BANK	中国工商银行股份有限公司理财产品	Normal	6203	Normal	1.0021
GONGSHANG BANK	中国工商银行现金管理类理财产品	Normal	6204	Normal	1.0109
NONGYE BANK	中国农业银行股份有限公司理财产品	Normal	6205	Normal	1.0066
ZHONGGUO BANK	中国银行股份有限公司理财产品计划	Normal	6206	Normal	1.0137
JIAOTONG BANK	交通银行股份有限公司理财产品	Normal	6207	Normal	1.0042
YOUCHU BANK	中国邮政储蓄银行股份有限公司理财产品	Normal	6208	Normal	1.0170
JIANSHE BANK	中国建设银行股份有限公司理财产品	Normal	6201	Normal	1.0075
JIANSHE BANK	中国建设银行结构性存款产品	Normal	6202	Normal	1.0188
GONGSHANG BANK	中国工商银行股份有限公司理财产品	Normal	6203	Normal	1.0021
GONGSHANG BANK	中国工商银行现金管理类理财产品	Normal	6204	Normal	1.0109
NONGYE BANK	中国农业银行股份有限公司理财产品	Normal	6205	Normal	1.0066
ZHONGGUO BANK	中国银行股份有限公司理财产品计划	Normal	6206	Normal	1.0137
JIAOTONG BANK	交通银行股份有限公司理财产品	Normal	6207	Normal	1.0042
YOUCHU BANK	中国邮政储蓄银行股份有限公司理财产品	Normal	6208	Normal	1.0170
JIANSHE BANK	中国建设银行股份有限公司理财产品	Normal	6201	Normal	1.0075
JIANSHE BANK	中国建设银行结构性存款产品	Normal	6202	Normal	1.0188
GONGSHANG BANK	中国工商银行股份有限公司理财产品	Normal	6203	Normal	1.0021
GONGSHANG BANK	中国工商银行现金管理类理财产品	Normal	6204	Normal	1.0109
NONGYE BANK	中国农业银行股份有限公司理财产品	Normal	6205	Normal	1.0066
ZHONGGUO BANK	中国银行股份有限公司理财产品计划	Normal	6206	Normal	1.0137
JIAOTONG BANK	交通银行股份有限公司理财产品	Normal	6207	Normal	1.0042
YOUCHU BANK	中国邮政储蓄银行股份有限公司理财产品	Normal	6208	Normal	1.0170
JIANSHE BANK	中国建设银行股份有限公司理财产品	Normal	6201	Normal	1.0075
JIANSHE BANK	中国建设银行结构性存款产品	Normal	6202	Normal	1.0188
GONGSHANG BANK	中国工商银行股份有限公司理财产品	Normal	6203	Normal	1.0021
GONGSHANG BANK	中国工商银行现金管理类理财产品	Normal	6204	Normal	1.0109
NONGYE BANK	中国农业银行股份有限公司理财产品	Normal	6205	Normal	1.0066
ZHONGGUO BANK	中国银行股份有限公司理财产品计划	Normal	6206	Normal	1.0137
JIAOTONG BANK	交通银行股份有限公司理财产品	Normal	6207	Normal	1.0042
YOUCHU BANK	中国邮政储蓄银行股份有限公司理财产品	Normal	6208	Normal	1.0170
JIANSHE BANK	中国建设银行股份有限公司理财产品	Normal	6201	Normal	1.0075
JIANSHE BANK	中国建设银行结构性存款产品	Normal	6202	Normal	1.0188
GONGSHANG BANK	中国工商银行股份有限公司理财产品	Normal	6203	Normal	1.0021
GONGSHANG BANK	中国工商银行现金管理类理财产品	Normal	6204	Normal	1.0109
NONGYE BANK	中国农业银行股份有限公司理财产品	Normal	6205	Normal	1.0066
ZHONGGUO BANK	中国银行股份有限公司理财产品计划	Normal	6206	Normal	1.0137
JIAOTONG BANK	交通银行股份有限公司理财产品	Normal	6207	Normal	1.0042
YOUCHU BANK	中国邮政储蓄银行股份有限公司理财产品	Normal	6208	Normal	1.0170
JIANSHE BANK	中国建设银行股份有限公司理财产品	Normal	6201	Normal	1.0075
JIANSHE BANK	中国建设银行结构性存款产品	Normal	6202	Normal	1.0188
GONGSHANG BANK	中国工商银行股份有限公司理财产品	Normal	6203	Normal	1.0021
GONGSHANG BANK	中国工商银行现金管理类理财产品	Normal	6204	Normal	1.0109
NONGYE BANK	中国农业银行股份有限公司理财产品	Normal	6205	Normal	1.0066
ZHONGGUO BANK	中国银行股份有限公司理财产品计划	Normal	6206	Normal	1.0137
JIAOTONG BANK	交通银行股份有限公司理财产品	Normal	6207	Normal	1.0042
YOUCHU BANK	中国邮政储蓄银行股份有限公司理财产品	Normal	6208	Normal	1.0170
JIANSHE BANK	中国建设银行股份有限公司理财产品	Normal	6201	Normal	1.0075
JIANSHE BANK	中国建设银行结构性存款产品	Normal	6202	Normal	1.0188
GONGSHANG BANK	中国工商银行股份有限公司理财产品	Normal	6203	Normal	1.0021
GONGSHANG BANK	中国工商银行现金管理类理财产品	Normal	6204	Normal	1.0109
NONGYE BANK	中国农业银行股份有限公司理财产品	Normal	6205	Normal	1.0066
ZHONGGUO BANK	中国银行股份有限公司理财产品计划	Normal	6206	Normal	1.0137
JIAOTONG BANK	交通银行股份有限公司理财产品	Normal	6207	Normal	1.0042
YOUCHU BANK	中国邮政储蓄银行股份有限公司理财产品	Normal	6208	Normal	1.0170
JIANSHE BANK	中国建设银行股份有限公司理财产品	Normal	6201	Normal	1.0075
JIANSHE BANK	中国建设银行结构性存款产品	Normal	6202	Normal	1.0188
GONGSHANG BANK	中国工商银行股份有限公司理财产品	Normal	6203	Normal	1.0021
GONGSHANG BANK	中国工商银行现金管理类理财产品	Normal	6204	Normal	1.0109
NONGYE BANK	中国农业银行股份有限公司理财产品	Normal	6205	Normal	1.0066
ZHONGGUO BANK	中国银行股份有限公司理财产品计划	Normal	6206	Normal	1.0137
JIAOTONG BANK	交通银行股份有限公司理财产品	Normal	6207	Normal	1.0042
YOUCHU BANK	中国邮政储蓄银行股份有限公司理财产品	Normal	6208	Normal	1.0170
JIANSHE BANK	中国建设银行股份有限公司理财产品	Normal	6201	Normal	1.0075
JIANSHE BANK	中国建设银行结构性存款产品	Normal	6202	Normal	1.0188
GONGSHANG BANK	中国工商银行股份有限公司理财产品	Normal	6203	Normal	1.0021
GONGSHANG BANK	中国工商银行现金管理类理财产品	Normal	6204	Normal	1.0109
NONGYE BANK	中国农业银行股份有限公司理财产品	Normal	6205	Normal	1.0066
ZHONGGUO BANK	中国银行股份有限公司理财产品计划	Normal	6206	Normal	1.0137
JIAOTONG BANK	交通银行股份有限公司理财产品	Normal	6207	Normal	1.0042
YOUCHU BANK	中国邮政储蓄银行股份有限公司理财产品	Normal	6208	Normal	1.0170
JIANSHE BANK	中国建设银行股份有限公司理财产品	Normal	6201	Normal	1.0075
JIANSHE BANK	中国建设银行结构性存款产品	Normal	6202	Normal	1.0188
GONGSHANG BANK	中国工商银行股份有限公司理财产品	Normal	6203	Normal	1.0021
GONGSHANG BANK	中国工商银行现金管理类理财产品	Normal	6204	Normal	1.0109
NONGYE BANK	中国农业银行股份有限公司理财产品	Normal	6205	Normal	1.0066
ZHONGGUO BANK	中国银行股份有限公司理财产品计划	Normal	6206	Normal	1.0137
JIAOTONG BANK	交通银行股份有限公司理财产品	Normal	6207	Normal	1.0042
YOUCHU BANK	中国邮政储蓄银行股份有限公司理财产品	Normal	6208	Normal	1.0170
JIANSHE BANK	中国建设银行股份有限公司理财产品	Normal	6201	Normal	1.0075
JIANSHE BANK	中国建设银行结构性存款产品	Normal	6202	Normal	1.0188
GONGSHANG BANK	中国工商银行股份有限公司理财产品	Normal	6203	Normal	1.0021
GONGSHANG BANK	中国工商银行现金管理类理财产品	Normal	6204	Normal	1.0109
NONGYE BANK	中国农业银行股份有限公司理财产品	Normal	6205	Normal	1.0066
ZHONGGUO BANK	中国银行股份有限公司理财产品计划	Normal	6206	Normal	1.0137
JIAOTONG BANK	交通银行股份有限公司理财产品	Normal	6207	Normal	1.0042
YOUCHU BANK	中国邮政储蓄银行股份有限公司理财产品	Normal	6208	Normal	1.0170
JIANSHE BANK	中国建设银行股份有限公司理财产品	Normal	6201	Normal	1.0075
JIANSHE BANK	中国建设银行结构性存款产品	Normal	6202	Normal	1.0188
GONGSHANG BANK	中国工商银行股份有限公司理财产品	Normal	6203	Normal	1.0021
GONGSHANG BANK	中国工商银行现金管理类理财产品	Normal	6204	Normal	1.0109
NONGYE BANK	中国农业银行股份有限公司理财产品	Normal	6205	Normal	1.0066
ZHONGGUO BANK	中国银行股份有限公司理财产品计划	Normal	6206	Normal	1.0137
JIAOTONG BANK	交通银行股份有限公司理财产品	Normal	6207	Normal	1.0042
YOUCHU BANK	中国邮政储蓄银行股份有限公司理财产品	Normal	6208	Normal	1.0170
JIANSHE BANK	中国建设银行股份有限公司理财产品	Normal	6201	Normal	1.0075
JIANSHE BANK	中国建设银行结构性存款产品	Normal	6202	Normal	1.0188
GONGSHANG BANK	中国工商银行股份有限公司理财产品	Normal	6203	Normal	1.0021
GONGSHANG BANK	中国工商银行现金管理类理财产品	Normal	6204	Normal	1.0109
NONGYE BANK	中国农业银行股份有限公司理财产品	Normal	6205	Normal	1.0066
ZHONGGUO BANK	中国银行股份有限公司理财产品计划	Normal	6206	Normal	1.0137
JIAOTONG BANK	交通银行股份有限公司理财产品	Normal	6207	Normal	1.0042
YOUCHU BANK	中国邮政储蓄银行股份有限公司理财产品	Normal	6208	Normal	1.0170
JIANSHE BANK	中国建设银行股份有限公司理财产品	Normal	6201	Normal	1.0075
JIANSHE BANK	中国建设银行结构性存款产品	Normal	6202	Normal	1.0188
GONGSHANG BANK	中国工商银行股份有限公司理财产品	Normal	6203	Normal	1.0021
GONGSHANG BANK	中国工商银行现金管理类理财产品	Normal	6204	Normal	1.0109
NONGYE BANK	中国农业银行股份有限公司理财产品	Normal	6205	Normal	1.0066
ZHONGGUO BANK	中国银行股份有限公司理财产品计划	Normal	6206	Normal	1.0137
JIAOTONG BANK	交通银行股份有限公司理财产品	Normal	6207	Normal	1.0042
YOUCHU BANK	中国邮政储蓄银行股份有限公司理财产品	Normal	6208	Normal	1.0170
JIANSHE BANK	中国建设银行股份有限公司理财产品	Normal	6201	Normal	1.0075
JIANSHE BANK	中国建设银行结构性存款产品	Normal	6202	Normal	1.0188
GONGSHANG BANK	中国工商银行股份有限公司理财产品	Normal	6203	Normal	1.0021
GONGSHANG BANK	中国工商银行现金管理类理财产品	Normal	6204	Normal	1.0109
NONGYE BANK	中国农业银行股份有限公司理财产品	Normal	6205	Normal	1.0066
ZHONGGUO BANK	中国银行股份有限公司理财产品计划	Normal	6206	Normal	1.0137
JIAOTONG BANK	交通银行股份有限公司理财产品	Normal	6207	Normal	1.0042
YOUCHU BANK	中国邮政储蓄银行股份有限公司理财产品	Normal	6208	Normal	1.0170
JIANSHE BANK	中国建设银行股份有限公司理财产品	Normal	6201	Normal	1.0075
JIANSHE BANK	中国建设银行结构性存款产品	Normal	6202	Normal	1.0188
GONGSHANG BANK	中国工商银行股份有限公司理财产品	Normal	6203	Normal	1.0021
GONGSHANG BANK	中国工商银行现金管理类理财产品	Normal	6204	Normal	1.0109
NONGYE BANK	中国农业银行股份有限公司理财产品	Normal	6205	Normal	1.0066
ZHONGGUO BANK	中国银行股份有限公司理财产品计划	Normal	6206	Normal	1.0137
JIAOTONG BANK	交通银行股份有限公司理财产品	Normal	6207	Normal	1.0042
YOUCHU BANK	中国邮政储蓄银行股份有限公司理财产品	Normal	6208	Normal	1.0170
JIANSHE BANK	中国建设银行股份有限公司理财产品	Normal	6201	Normal	1.0075
JIANSHE BANK	中国建设银行结构性存款产品	Normal	6202	Normal	1.0188
GONGSHANG BANK	中国工商银行股份有限公司理财产品	Normal	6203	Normal	1.0021
GONGSHANG BANK	中国工商银行现金管理类理财产品	Normal	6204	Normal	1.0109
NONGYE BANK	中国农业银行股份有限公司理财产品	Normal	6205	Normal	1.0066
ZHONGGUO BANK	中国银行股份有限公司理财产品计划	Normal	6206	Normal	1.0137
JIAOTONG BANK	交通银行股份有限公司理财产品	Normal	6207	Normal	1.0042
YOUCHU BANK	中国邮政储蓄银行股份有限公司理财产品	Normal	6208	Normal	1.0170
JIANSHE BANK	中国建设银行股份有限公司理财产品	Normal	6201	Normal	1.0075
JIANSHE BANK	中国建设银行结构性存款产品	Normal	6202	Normal	1.0188
GONGSHANG BANK	中国工商银行股份有限公司理财产品	Normal	6203	Normal	1.0021
GONGSHANG BANK	中国工商银行现金管理类理财产品	Normal	6204	Normal	1.0109
NONGYE BANK	中国农业银行股份有限公司理财产品	Normal	6205	Normal	1.0066
